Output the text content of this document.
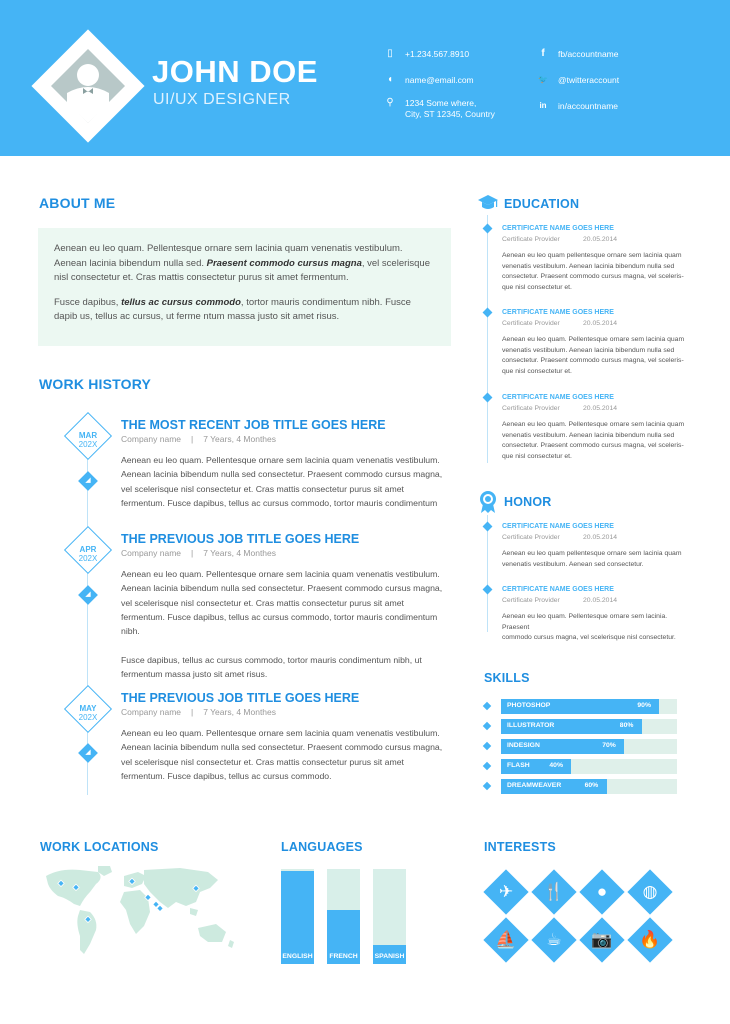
JOHN DOE
UI/UX DESIGNER
▯	+1.234.567.8910
◖	name@email.com
⚲	1234 Some where,
City, ST 12345, Country
f	fb/accountname
🐦 @twitteraccount
in	in/accountname
ABOUT ME

Aenean eu leo quam. Pellentesque ornare sem lacinia quam venenatis vestibulum. Aenean lacinia bibendum nulla sed. Praesent commodo cursus magna, vel scelerisque nisl consectetur et. Cras mattis consectetur purus sit amet fermentum.

Fusce dapibus, tellus ac cursus commodo, tortor mauris condimentum nibh. Fusce dapib us, tellus ac cursus, ut ferme ntum massa justo sit amet risus.

WORK HISTORY
MAR
202X
◢
THE MOST RECENT JOB TITLE GOES HERE
Company name | 7 Years, 4 Monthes
Aenean eu leo quam. Pellentesque ornare sem lacinia quam venenatis vestibulum.
Aenean lacinia bibendum nulla sed consectetur. Praesent commodo cursus magna,
vel scelerisque nisl consectetur et. Cras mattis consectetur purus sit amet
fermentum. Fusce dapibus, tellus ac cursus commodo, tortor mauris condimentum
APR
202X
◢
THE PREVIOUS JOB TITLE GOES HERE
Company name | 7 Years, 4 Monthes
Aenean eu leo quam. Pellentesque ornare sem lacinia quam venenatis vestibulum.
Aenean lacinia bibendum nulla sed consectetur. Praesent commodo cursus magna,
vel scelerisque nisl consectetur et. Cras mattis consectetur purus sit amet
fermentum. Fusce dapibus, tellus ac cursus commodo, tortor mauris condimentum nibh.
Fusce dapibus, tellus ac cursus commodo, tortor mauris condimentum nibh, ut
fermentum massa justo sit amet risus.
MAY
202X
◢
THE PREVIOUS JOB TITLE GOES HERE
Company name | 7 Years, 4 Monthes
Aenean eu leo quam. Pellentesque ornare sem lacinia quam venenatis vestibulum.
Aenean lacinia bibendum nulla sed consectetur. Praesent commodo cursus magna,
vel scelerisque nisl consectetur et. Cras mattis consectetur purus sit amet
fermentum. Fusce dapibus, tellus ac cursus commodo.
EDUCATION
CERTIFICATE NAME GOES HERE
Certificate Provider	20.05.2014
Aenean eu leo quam pellentesque ornare sem lacinia quam
venenatis vestibulum. Aenean lacinia bibendum nulla sed
consectetur. Praesent commodo cursus magna, vel sceleris-
que nisl consectetur et.
CERTIFICATE NAME GOES HERE
Certificate Provider	20.05.2014
Aenean eu leo quam. Pellentesque ornare sem lacinia quam
venenatis vestibulum. Aenean lacinia bibendum nulla sed
consectetur. Praesent commodo cursus magna, vel sceleris-
que nisl consectetur et.
CERTIFICATE NAME GOES HERE
Certificate Provider	20.05.2014
Aenean eu leo quam. Pellentesque ornare sem lacinia quam
venenatis vestibulum. Aenean lacinia bibendum nulla sed
consectetur. Praesent commodo cursus magna, vel sceleris-
que nisl consectetur et.
HONOR
CERTIFICATE NAME GOES HERE
Certificate Provider	20.05.2014
Aenean eu leo quam pellentesque ornare sem lacinia quam
venenatis vestibulum. Aenean sed consectetur.
CERTIFICATE NAME GOES HERE
Certificate Provider	20.05.2014
Aenean eu leo quam. Pellentesque ornare sem lacinia. Praesent
commodo cursus magna, vel scelerisque nisl consectetur.
SKILLS
PHOTOSHOP	90%
ILLUSTRATOR	80%
INDESIGN	70%
FLASH	40%
DREAMWEAVER	60%
WORK LOCATIONS	LANGUAGES
ENGLISH	FRENCH	SPANISH
INTERESTS
✈	🍴	●	◍
⛵	☕	📷	🔥
